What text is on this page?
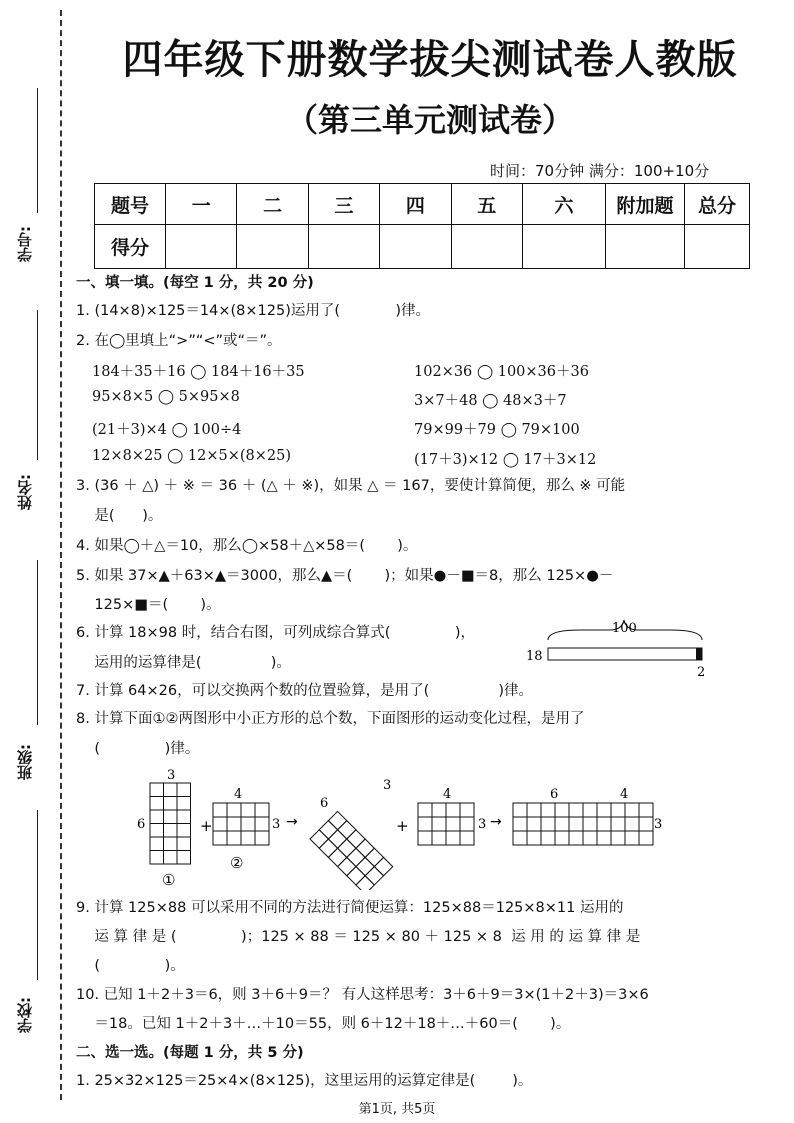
学号:
姓名:
班级:
学校:
四年级下册数学拔尖测试卷人教版
（第三单元测试卷）
时间：70分钟 满分：100+10分
题号	一	二	三	四	五	六	附加题	总分
得分								
一、填一填。(每空 1 分，共 20 分)
1. (14×8)×125＝14×(8×125)运用了(            )律。
2. 在◯里填上“>”“<”或“＝”。
184＋35＋16 ◯ 184＋16＋35	102×36 ◯ 100×36＋36
95×8×5 ◯ 5×95×8	3×7＋48 ◯ 48×3＋7
(21＋3)×4 ◯ 100÷4	79×99＋79 ◯ 79×100
12×8×25 ◯ 12×5×(8×25)	(17＋3)×12 ◯ 17＋3×12
3. (36 ＋ △) ＋ ※ ＝ 36 ＋ (△ ＋ ※)，如果 △ ＝ 167，要使计算简便，那么 ※ 可能
是(      )。
4. 如果◯＋△＝10，那么◯×58＋△×58＝(       )。
5. 如果 37×▲＋63×▲＝3000，那么▲＝(       )；如果●－■＝8，那么 125×●－
125×■＝(       )。
6. 计算 18×98 时，结合右图，可列成综合算式(              )，
运用的运算律是(               )。
100
18
2
7. 计算 64×26，可以交换两个数的位置验算，是用了(               )律。
8. 计算下面①②两图形中小正方形的总个数，下面图形的运动变化过程，是用了
(              )律。
3
6
①
+
4
3
②
→
6
3
+
4
3 →
6	4
3
9. 计算 125×88 可以采用不同的方法进行简便运算：125×88＝125×8×11 运用的
运 算 律 是 (              )；125 × 88 ＝ 125 × 80 ＋ 125 × 8  运 用 的 运 算 律 是
(              )。
10. 已知 1＋2＋3＝6，则 3＋6＋9＝？ 有人这样思考：3＋6＋9＝3×(1＋2＋3)＝3×6
＝18。已知 1＋2＋3＋…＋10＝55，则 6＋12＋18＋…＋60＝(       )。
二、选一选。(每题 1 分，共 5 分)
1. 25×32×125＝25×4×(8×125)，这里运用的运算定律是(        )。
第1页, 共5页
